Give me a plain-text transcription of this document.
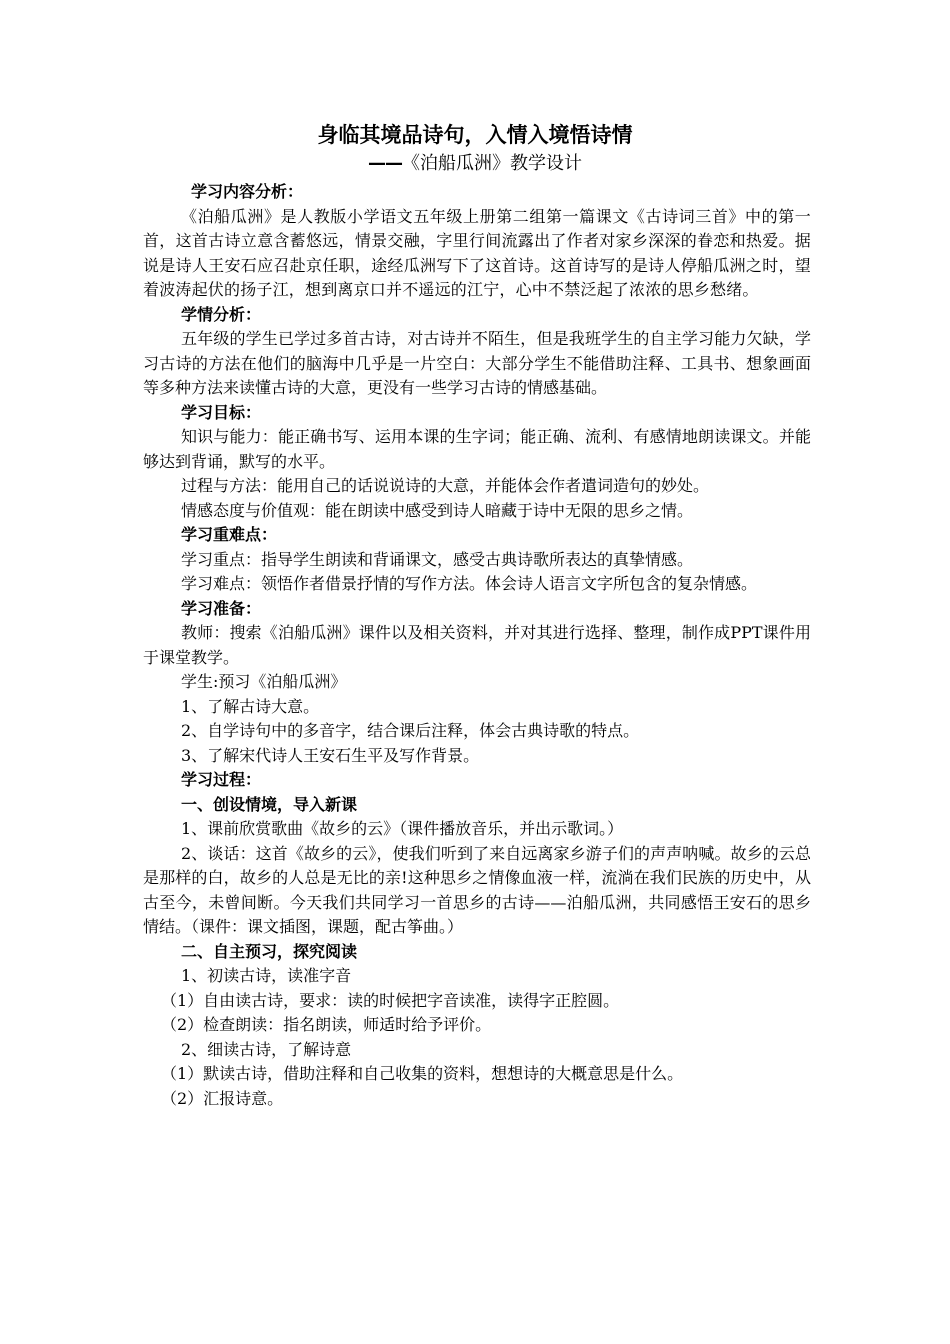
身临其境品诗句，入情入境悟诗情

——《泊船瓜洲》教学设计

学习内容分析：

《泊船瓜洲》是人教版小学语文五年级上册第二组第一篇课文《古诗词三首》中的第一首，这首古诗立意含蓄悠远，情景交融，字里行间流露出了作者对家乡深深的眷恋和热爱。据说是诗人王安石应召赴京任职，途经瓜洲写下了这首诗。这首诗写的是诗人停船瓜洲之时，望着波涛起伏的扬子江，想到离京口并不遥远的江宁，心中不禁泛起了浓浓的思乡愁绪。

学情分析：

五年级的学生已学过多首古诗，对古诗并不陌生，但是我班学生的自主学习能力欠缺，学习古诗的方法在他们的脑海中几乎是一片空白：大部分学生不能借助注释、工具书、想象画面等多种方法来读懂古诗的大意，更没有一些学习古诗的情感基础。

学习目标：

知识与能力：能正确书写、运用本课的生字词；能正确、流利、有感情地朗读课文。并能够达到背诵，默写的水平。

过程与方法：能用自己的话说说诗的大意，并能体会作者遣词造句的妙处。

情感态度与价值观：能在朗读中感受到诗人暗藏于诗中无限的思乡之情。

学习重难点：

学习重点：指导学生朗读和背诵课文，感受古典诗歌所表达的真挚情感。

学习难点：领悟作者借景抒情的写作方法。体会诗人语言文字所包含的复杂情感。

学习准备：

教师：搜索《泊船瓜洲》课件以及相关资料，并对其进行选择、整理，制作成PPT课件用于课堂教学。

学生:预习《泊船瓜洲》

1、了解古诗大意。

2、自学诗句中的多音字，结合课后注释，体会古典诗歌的特点。

3、了解宋代诗人王安石生平及写作背景。

学习过程：

一、创设情境，导入新课

1、课前欣赏歌曲《故乡的云》（课件播放音乐，并出示歌词。）

2、谈话：这首《故乡的云》，使我们听到了来自远离家乡游子们的声声呐喊。故乡的云总是那样的白，故乡的人总是无比的亲!这种思乡之情像血液一样，流淌在我们民族的历史中，从古至今，未曾间断。今天我们共同学习一首思乡的古诗——泊船瓜洲，共同感悟王安石的思乡情结。（课件：课文插图，课题，配古筝曲。）

二、自主预习，探究阅读

1、初读古诗，读准字音

（1）自由读古诗，要求：读的时候把字音读准，读得字正腔圆。

（2）检查朗读：指名朗读，师适时给予评价。

2、细读古诗，了解诗意

（1）默读古诗，借助注释和自己收集的资料，想想诗的大概意思是什么。

（2）汇报诗意。
